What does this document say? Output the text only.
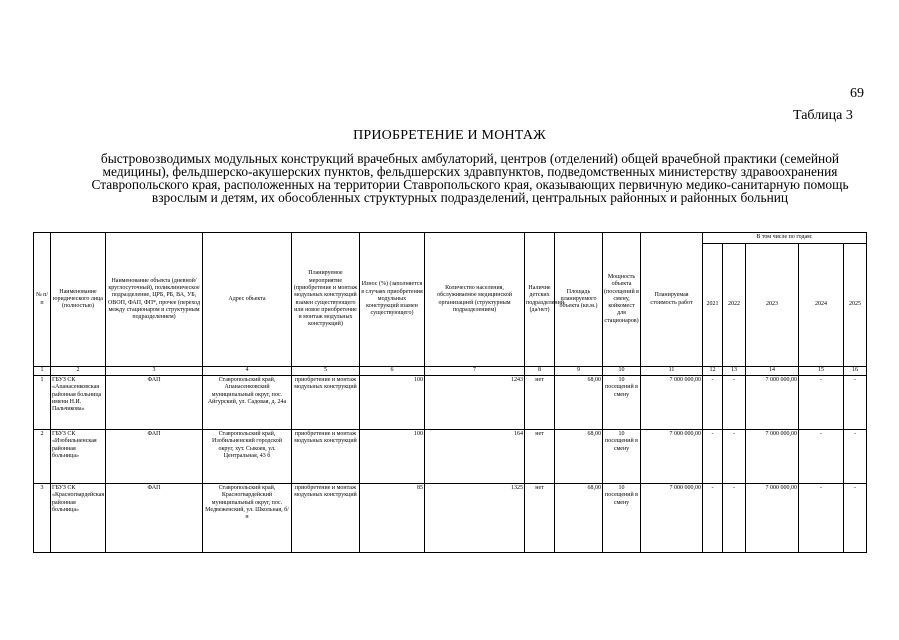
69
Таблица 3
ПРИОБРЕТЕНИЕ И МОНТАЖ
быстровозводимых модульных конструкций врачебных амбулаторий, центров (отделений) общей врачебной практики (семейной медицины), фельдшерско-акушерских пунктов, фельдшерских здравпунктов, подведомственных министерству здравоохранения Ставропольского края, расположенных на территории Ставропольского края, оказывающих первичную медико-санитарную помощь взрослым и детям, их обособленных структурных подразделений, центральных районных и районных больниц
№ п/п	Наименование юридического лица (полностью)	Наименование объекта (дневной/круглосуточный), поликлиническое подразделение, ЦРБ, РБ, ВА, УБ, ОВОП, ФАП, ФП*, прочее (переход между стационаром и структурным подразделением)	Адрес объекта	Планируемое мероприятие (приобретение и монтаж модульных конструкций взамен существующего или новое приобретение и монтаж модульных конструкций)	Износ (%) (заполняется в случаях приобретения модульных конструкций взамен существующего)	Количество населения, обслуживаемое медицинской организацией (структурным подразделением)	Наличие детских подразделений (да/нет)	Площадь планируемого объекта (кв.м.)	Мощность объекта (посещений в смену, койкомест для стационаров)	Планируемая стоимость работ	В том числе по годам:				
											2021	2022	2023	2024	2025
1	2	3	4	5	6	7	8	9	10	11	12	13	14	15	16
1	ГБУЗ СК «Апанасенковская районная больница имени Н.И. Пальчикова»	ФАП	Ставропольский край, Апанасенковский муниципальный округ, пос. Айгурский, ул. Садовая, д. 24а	приобретение и монтаж модульных конструкций	100	1243	нет	68,00	10 посещений в смену	7 000 000,00	-	-	7 000 000,00	-	-
2	ГБУЗ СК «Изобильненская районная больница»	ФАП	Ставропольский край, Изобильненский городской округ, хут. Сыкоев, ул. Центральная, 43 б	приобретение и монтаж модульных конструкций	100	164	нет	68,00	10 посещений в смену	7 000 000,00	-	-	7 000 000,00	-	-
3	ГБУЗ СК «Красногвардейская районная больница»	ФАП	Ставропольский край, Красногвардейский муниципальный округ, пос. Медвеженский, ул. Школьная, б/н	приобретение и монтаж модульных конструкций	85	1325	нет	68,00	10 посещений в смену	7 000 000,00	-	-	7 000 000,00	-	-
